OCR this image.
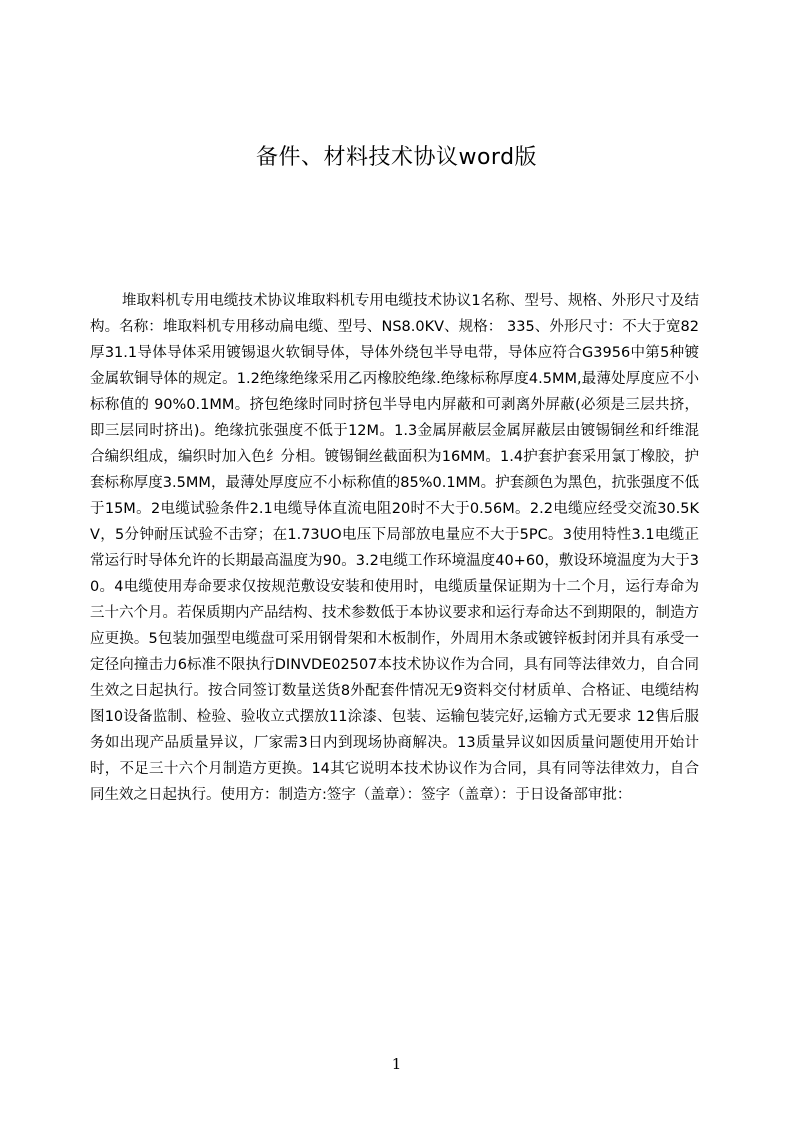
备件、材料技术协议word版
堆取料机专用电缆技术协议堆取料机专用电缆技术协议1名称、型号、规格、外形尺寸及结构。名称：堆取料机专用移动扁电缆、型号、NS8.0KV、规格： 335、外形尺寸：不大于宽82厚31.1导体导体采用镀锡退火软铜导体，导体外绕包半导电带，导体应符合G3956中第5种镀金属软铜导体的规定。1.2绝缘绝缘采用乙丙橡胶绝缘.绝缘标称厚度4.5MM,最薄处厚度应不小标称值的 90%0.1MM。挤包绝缘时同时挤包半导电内屏蔽和可剥离外屏蔽(必须是三层共挤，即三层同时挤出)。绝缘抗张强度不低于12M。1.3金属屏蔽层金属屏蔽层由镀锡铜丝和纤维混合编织组成，编织时加入色纟分相。镀锡铜丝截面积为16MM。1.4护套护套采用氯丁橡胶，护套标称厚度3.5MM，最薄处厚度应不小标称值的85%0.1MM。护套颜色为黑色，抗张强度不低于15M。2电缆试验条件2.1电缆导体直流电阻20时不大于0.56M。2.2电缆应经受交流30.5KV，5分钟耐压试验不击穿；在1.73UO电压下局部放电量应不大于5PC。3使用特性3.1电缆正常运行时导体允许的长期最高温度为90。3.2电缆工作环境温度40+60，敷设环境温度为大于30。4电缆使用寿命要求仅按规范敷设安装和使用时，电缆质量保证期为十二个月，运行寿命为三十六个月。若保质期内产品结构、技术参数低于本协议要求和运行寿命达不到期限的，制造方应更换。5包装加强型电缆盘可采用钢骨架和木板制作，外周用木条或镀锌板封闭并具有承受一定径向撞击力6标准不限执行DINVDE02507本技术协议作为合同，具有同等法律效力，自合同生效之日起执行。按合同签订数量送货8外配套件情况无9资料交付材质单、合格证、电缆结构图10设备监制、检验、验收立式摆放11涂漆、包装、运输包装完好,运输方式无要求 12售后服务如出现产品质量异议，厂家需3日内到现场协商解决。13质量异议如因质量问题使用开始计时，不足三十六个月制造方更换。14其它说明本技术协议作为合同，具有同等法律效力，自合同生效之日起执行。使用方：制造方:签字（盖章）：签字（盖章）：于日设备部审批：
1
